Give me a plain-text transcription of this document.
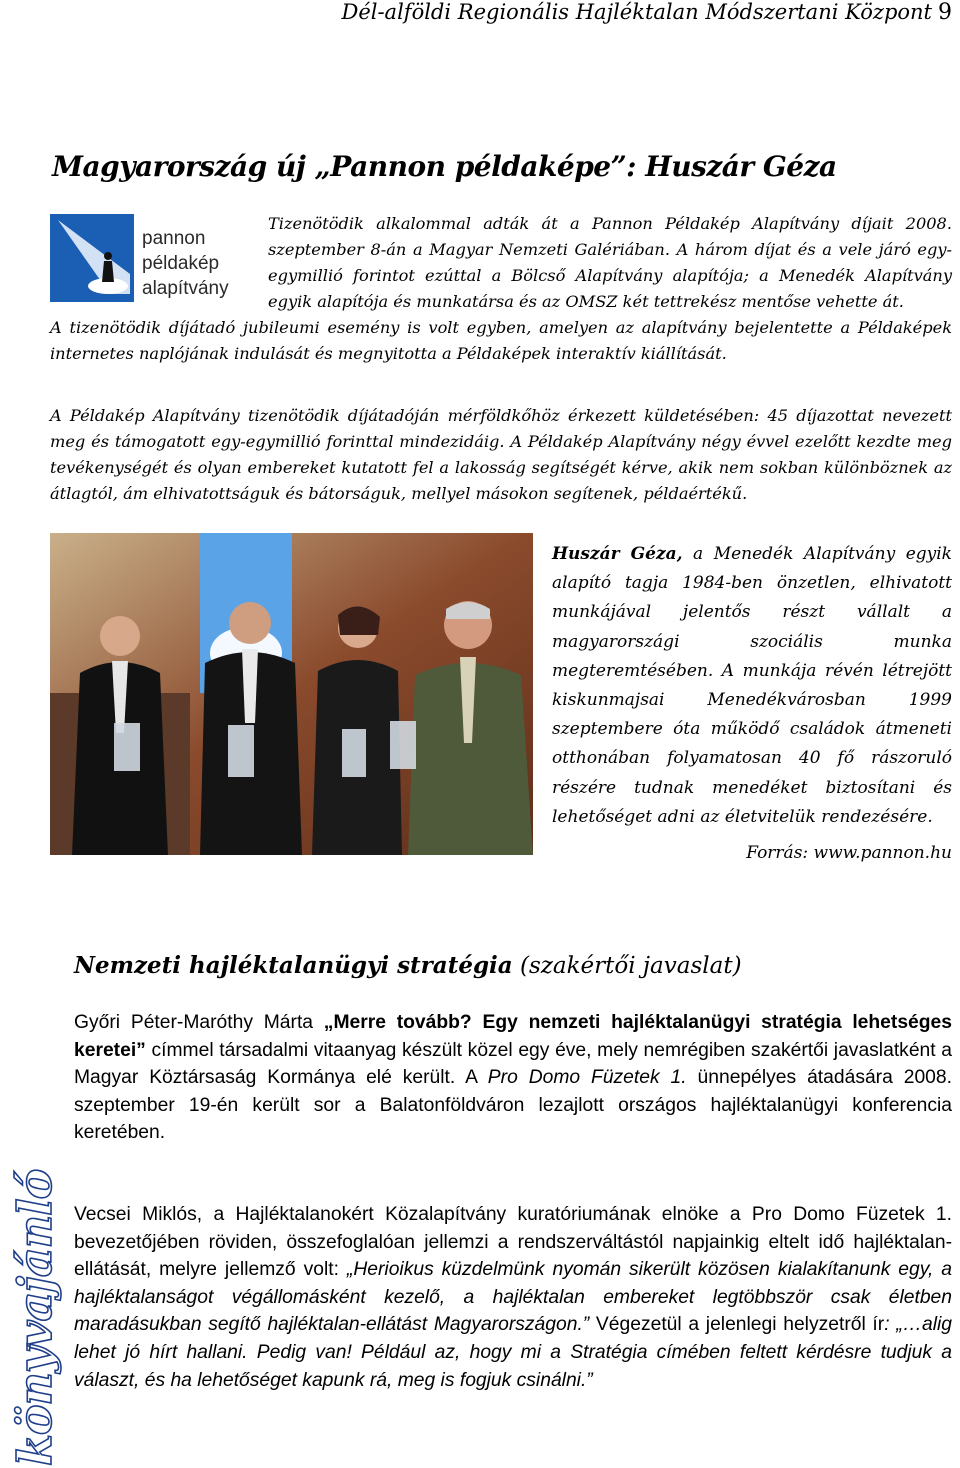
Dél-alföldi Regionális Hajléktalan Módszertani Központ 9
Magyarország új „Pannon példaképe”: Huszár Géza
pannon
példakép
alapítvány
Tizenötödik alkalommal adták át a Pannon Példakép Alapítvány díjait 2008. szeptember 8-án a Magyar Nemzeti Galériában. A három díjat és a vele járó egy-egymillió forintot ezúttal a Bölcső Alapítvány alapítója; a Menedék Alapítvány egyik alapítója és munkatársa és az OMSZ két tettrekész mentőse vehette át.
A tizenötödik díjátadó jubileumi esemény is volt egyben, amelyen az alapítvány bejelentette a Példaképek internetes naplójának indulását és megnyitotta a Példaképek interaktív kiállítását.
A Példakép Alapítvány tizenötödik díjátadóján mérföldkőhöz érkezett küldetésében: 45 díjazottat nevezett meg és támogatott egy-egymillió forinttal mindezidáig. A Példakép Alapítvány négy évvel ezelőtt kezdte meg tevékenységét és olyan embereket kutatott fel a lakosság segítségét kérve, akik nem sokban különböznek az átlagtól, ám elhivatottságuk és bátorságuk, mellyel másokon segítenek, példaértékű.
Huszár Géza, a Menedék Alapítvány egyik alapító tagja 1984-ben önzetlen, elhivatott munkájával jelentős részt vállalt a magyarországi szociális munka megteremtésében. A munkája révén létrejött kiskunmajsai Menedékvárosban 1999 szeptembere óta működő családok átmeneti otthonában folyamatosan 40 fő rászoruló részére tudnak menedéket biztosítani és lehetőséget adni az életvitelük rendezésére.
Forrás: www.pannon.hu
könyvajánló
Nemzeti hajléktalanügyi stratégia (szakértői javaslat)
Győri Péter-Maróthy Márta „Merre tovább? Egy nemzeti hajléktalanügyi stratégia lehetséges keretei” címmel társadalmi vitaanyag készült közel egy éve, mely nemrégiben szakértői javaslatként a Magyar Köztársaság Kormánya elé került. A Pro Domo Füzetek 1. ünnepélyes átadására 2008. szeptember 19-én került sor a Balatonföldváron lezajlott országos hajléktalanügyi konferencia keretében.
Vecsei Miklós, a Hajléktalanokért Közalapítvány kuratóriumának elnöke a Pro Domo Füzetek 1. bevezetőjében röviden, összefoglalóan jellemzi a rendszerváltástól napjainkig eltelt idő hajléktalan-ellátását, melyre jellemző volt: „Herioikus küzdelmünk nyomán sikerült közösen kialakítanunk egy, a hajléktalanságot végállomásként kezelő, a hajléktalan embereket legtöbbször csak életben maradásukban segítő hajléktalan-ellátást Magyarországon.” Végezetül a jelenlegi helyzetről ír: „…alig lehet jó hírt hallani. Pedig van! Például az, hogy mi a Stratégia címében feltett kérdésre tudjuk a választ, és ha lehetőséget kapunk rá, meg is fogjuk csinálni.”
